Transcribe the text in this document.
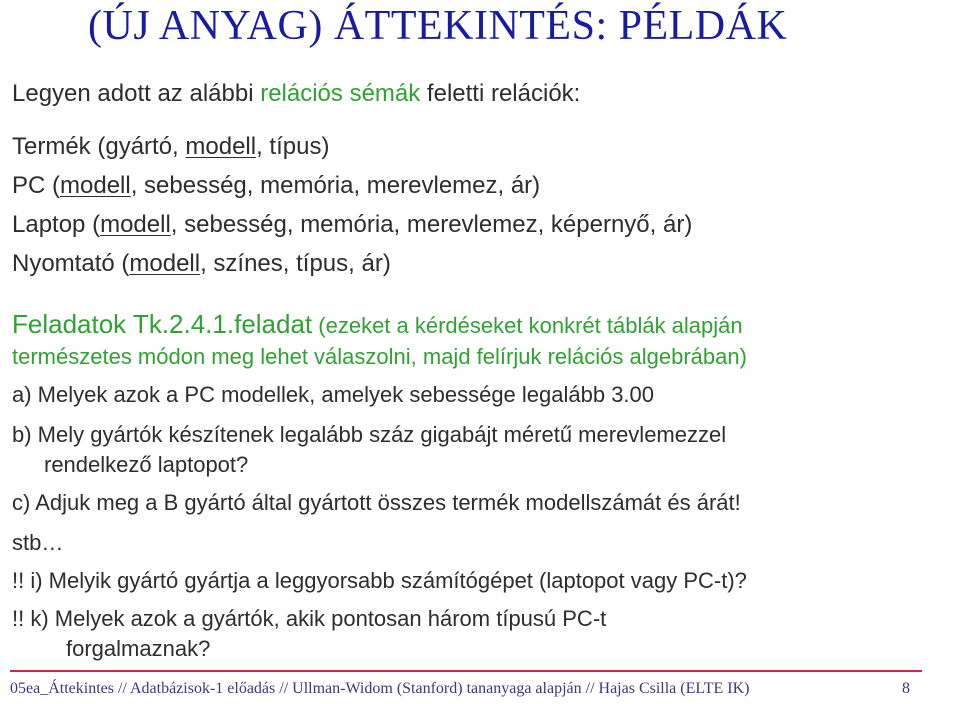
(ÚJ ANYAG) ÁTTEKINTÉS: PÉLDÁK
Legyen adott az alábbi relációs sémák feletti relációk:
Termék (gyártó, modell, típus)
PC (modell, sebesség, memória, merevlemez, ár)
Laptop (modell, sebesség, memória, merevlemez, képernyő, ár)
Nyomtató (modell, színes, típus, ár)
Feladatok Tk.2.4.1.feladat (ezeket a kérdéseket konkrét táblák alapján
természetes módon meg lehet válaszolni, majd felírjuk relációs algebrában)
a) Melyek azok a PC modellek, amelyek sebessége legalább 3.00
b) Mely gyártók készítenek legalább száz gigabájt méretű merevlemezzel
rendelkező laptopot?
c) Adjuk meg a B gyártó által gyártott összes termék modellszámát és árát!
stb…
!! i) Melyik gyártó gyártja a leggyorsabb számítógépet (laptopot vagy PC-t)?
!! k) Melyek azok a gyártók, akik pontosan három típusú PC-t
forgalmaznak?
05ea_Áttekintes // Adatbázisok-1 előadás // Ullman-Widom (Stanford) tananyaga alapján // Hajas Csilla (ELTE IK)	8
